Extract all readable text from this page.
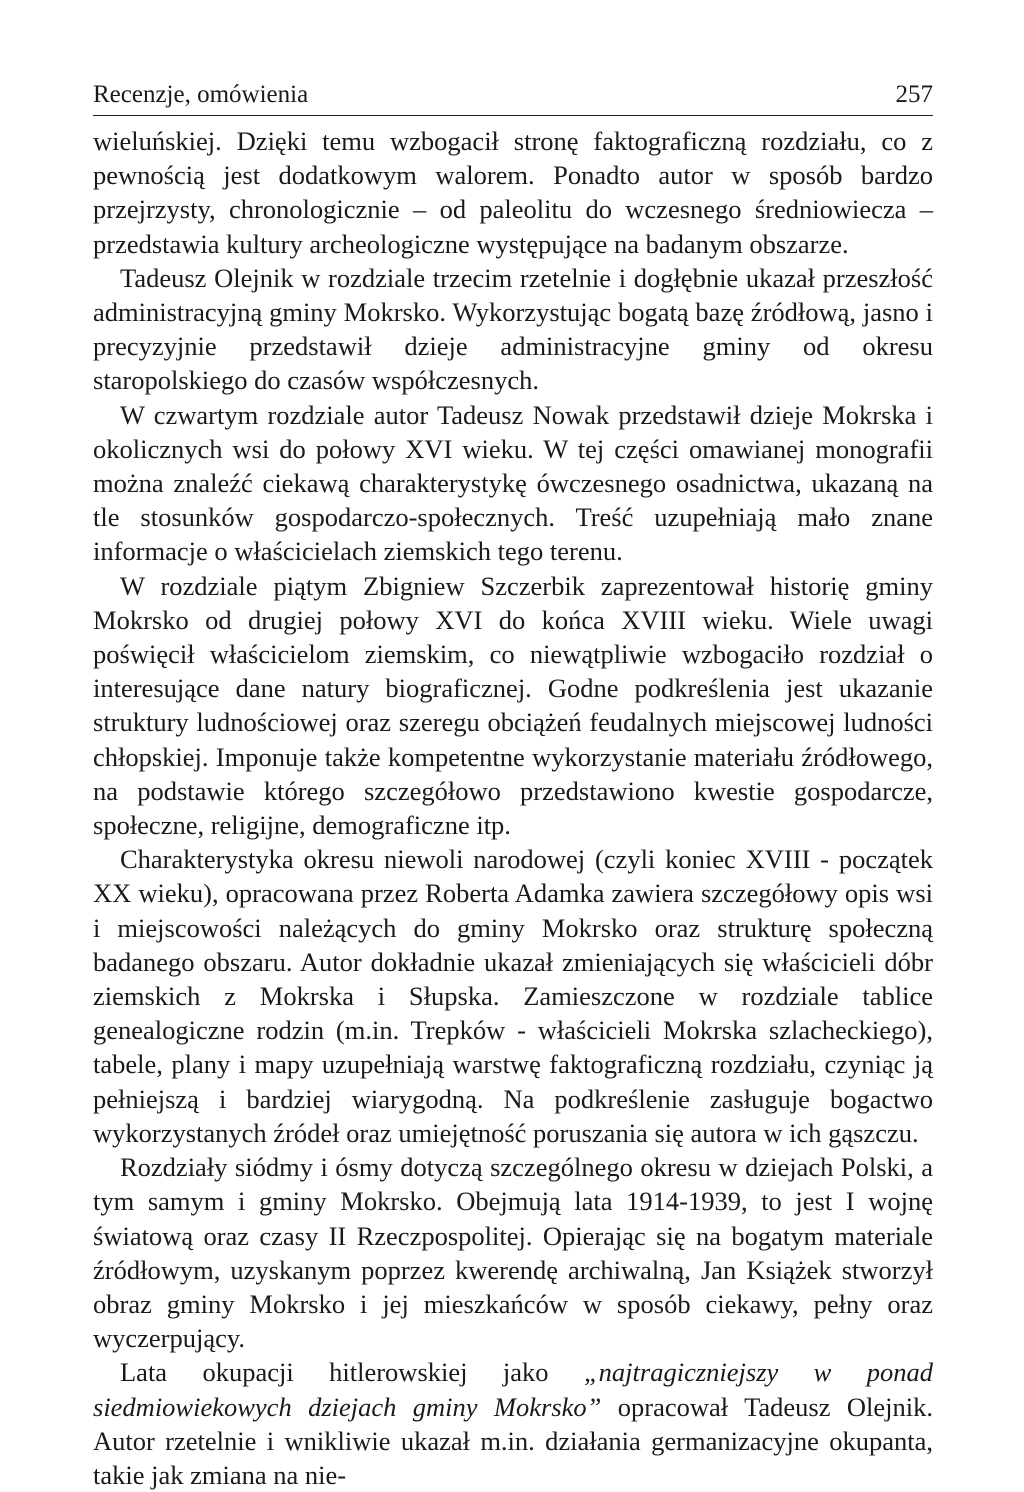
Recenzje, omówienia	257

wieluńskiej. Dzięki temu wzbogacił stronę faktograficzną rozdziału, co z pewnością jest dodatkowym walorem. Ponadto autor w sposób bardzo przejrzysty, chronologicznie – od paleolitu do wczesnego średniowiecza – przedstawia kultury archeologiczne występujące na badanym obszarze.

Tadeusz Olejnik w rozdziale trzecim rzetelnie i dogłębnie ukazał przeszłość administracyjną gminy Mokrsko. Wykorzystując bogatą bazę źródłową, jasno i precyzyjnie przedstawił dzieje administracyjne gminy od okresu staropolskiego do czasów współczesnych.

W czwartym rozdziale autor Tadeusz Nowak przedstawił dzieje Mokrska i okolicznych wsi do połowy XVI wieku. W tej części omawianej monografii można znaleźć ciekawą charakterystykę ówczesnego osadnictwa, ukazaną na tle stosunków gospodarczo-społecznych. Treść uzupełniają mało znane informacje o właścicielach ziemskich tego terenu.

W rozdziale piątym Zbigniew Szczerbik zaprezentował historię gminy Mokrsko od drugiej połowy XVI do końca XVIII wieku. Wiele uwagi poświęcił właścicielom ziemskim, co niewątpliwie wzbogaciło rozdział o interesujące dane natury biograficznej. Godne podkreślenia jest ukazanie struktury ludnościowej oraz szeregu obciążeń feudalnych miejscowej ludności chłopskiej. Imponuje także kompetentne wykorzystanie materiału źródłowego, na podstawie którego szczegółowo przedstawiono kwestie gospodarcze, społeczne, religijne, demograficzne itp.

Charakterystyka okresu niewoli narodowej (czyli koniec XVIII - początek XX wieku), opracowana przez Roberta Adamka zawiera szczegółowy opis wsi i miejscowości należących do gminy Mokrsko oraz strukturę społeczną badanego obszaru. Autor dokładnie ukazał zmieniających się właścicieli dóbr ziemskich z Mokrska i Słupska. Zamieszczone w rozdziale tablice genealogiczne rodzin (m.in. Trepków - właścicieli Mokrska szlacheckiego), tabele, plany i mapy uzupełniają warstwę faktograficzną rozdziału, czyniąc ją pełniejszą i bardziej wiarygodną. Na podkreślenie zasługuje bogactwo wykorzystanych źródeł oraz umiejętność poruszania się autora w ich gąszczu.

Rozdziały siódmy i ósmy dotyczą szczególnego okresu w dziejach Polski, a tym samym i gminy Mokrsko. Obejmują lata 1914-1939, to jest I wojnę światową oraz czasy II Rzeczpospolitej. Opierając się na bogatym materiale źródłowym, uzyskanym poprzez kwerendę archiwalną, Jan Książek stworzył obraz gminy Mokrsko i jej mieszkańców w sposób ciekawy, pełny oraz wyczerpujący.

Lata okupacji hitlerowskiej jako „najtragiczniejszy w ponad siedmiowiekowych dziejach gminy Mokrsko” opracował Tadeusz Olejnik. Autor rzetelnie i wnikliwie ukazał m.in. działania germanizacyjne okupanta, takie jak zmiana na nie-
